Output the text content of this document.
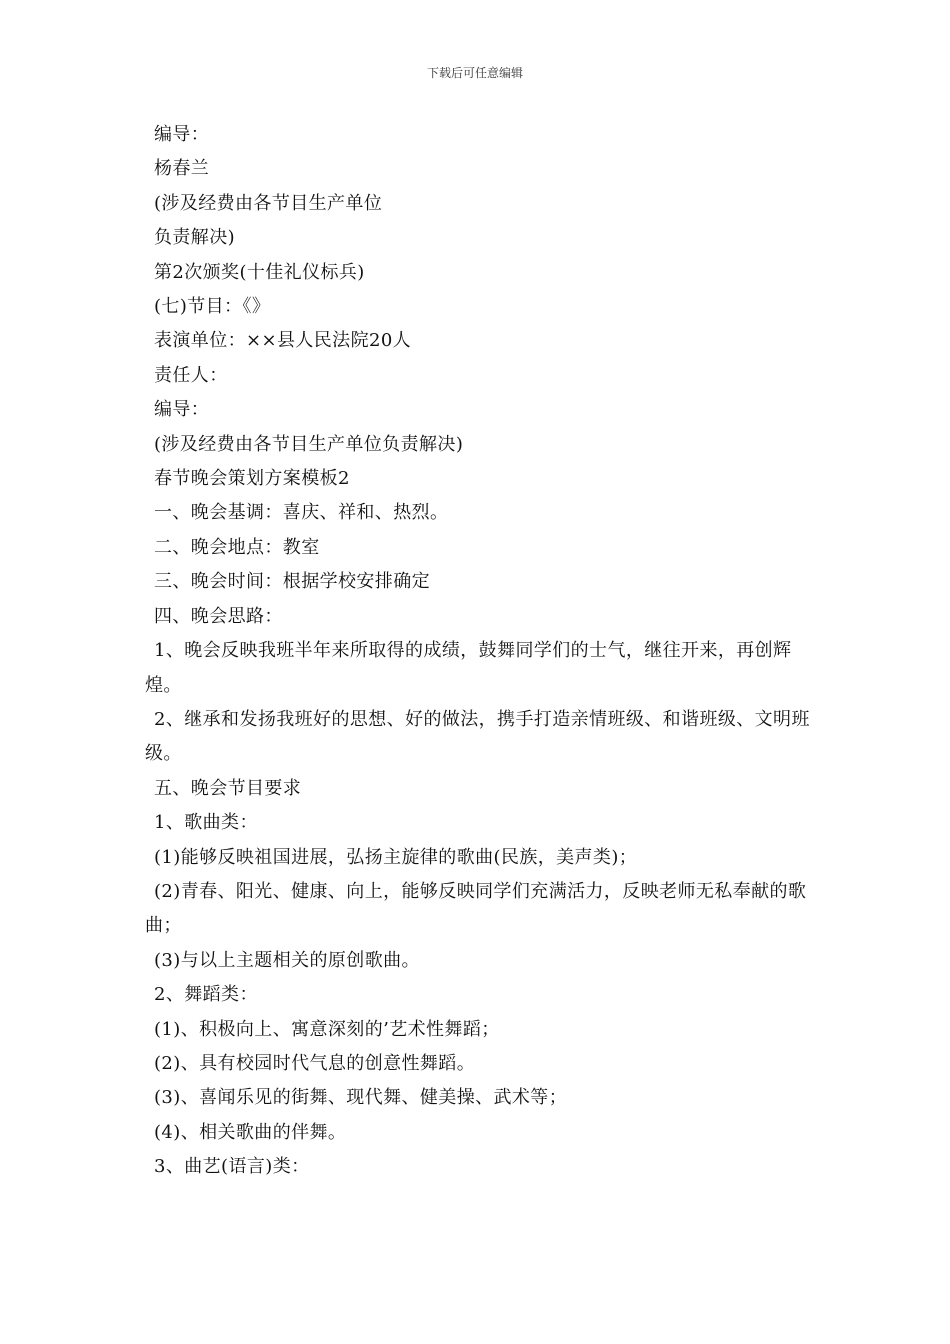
下载后可任意编辑
编导：
杨春兰
(涉及经费由各节目生产单位
负责解决)
第2次颁奖(十佳礼仪标兵)
(七)节目：《》
表演单位：××县人民法院20人
责任人：
编导：
(涉及经费由各节目生产单位负责解决)
春节晚会策划方案模板2
一、晚会基调：喜庆、祥和、热烈。
二、晚会地点：教室
三、晚会时间：根据学校安排确定
四、晚会思路：
1、晚会反映我班半年来所取得的成绩，鼓舞同学们的士气，继往开来，再创辉煌。
2、继承和发扬我班好的思想、好的做法，携手打造亲情班级、和谐班级、文明班级。
五、晚会节目要求
1、歌曲类：
(1)能够反映祖国进展，弘扬主旋律的歌曲(民族，美声类)；
(2)青春、阳光、健康、向上，能够反映同学们充满活力，反映老师无私奉献的歌曲；
(3)与以上主题相关的原创歌曲。
2、舞蹈类：
(1)、积极向上、寓意深刻的’艺术性舞蹈；
(2)、具有校园时代气息的创意性舞蹈。
(3)、喜闻乐见的街舞、现代舞、健美操、武术等；
(4)、相关歌曲的伴舞。
3、曲艺(语言)类：
